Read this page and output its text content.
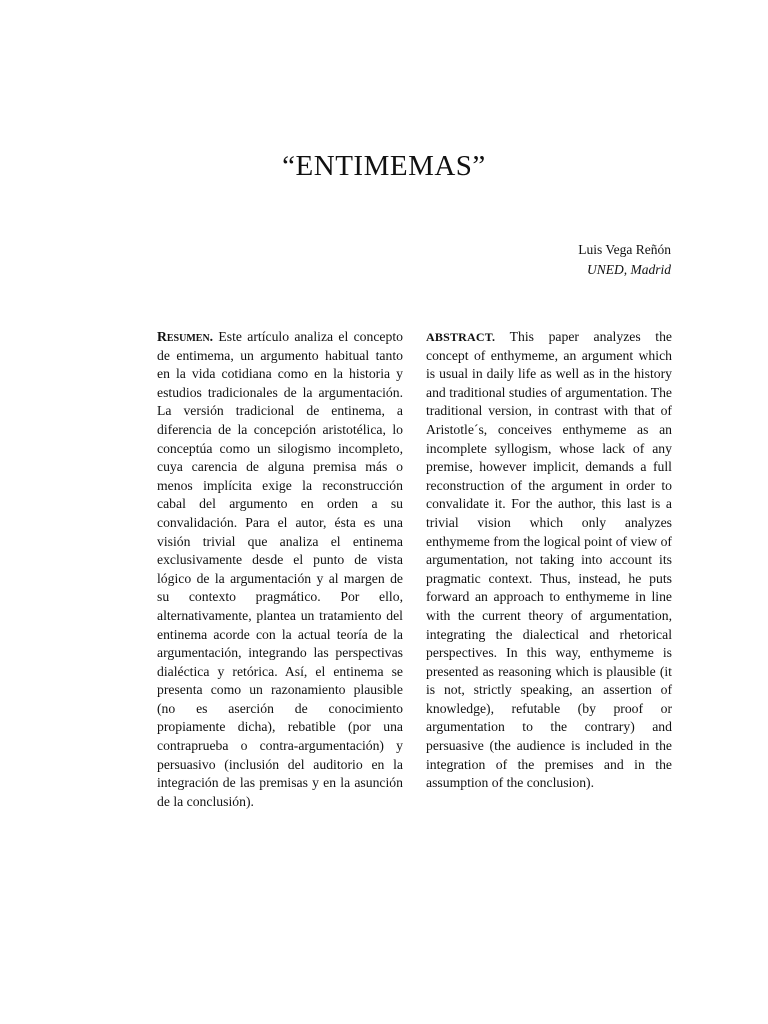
“ENTIMEMAS”
Luis Vega Reñón
UNED, Madrid
Resumen. Este artículo analiza el concepto de entimema, un argumento habitual tanto en la vida cotidiana como en la historia y estudios tradicionales de la argumentación. La versión tradicional de entinema, a diferencia de la concepción aristotélica, lo conceptúa como un silogismo incompleto, cuya carencia de alguna premisa más o menos implícita exige la reconstrucción cabal del argumento en orden a su convalidación. Para el autor, ésta es una visión trivial que analiza el entinema exclusivamente desde el punto de vista lógico de la argumentación y al margen de su contexto pragmático. Por ello, alternativamente, plantea un tratamiento del entinema acorde con la actual teoría de la argumentación, integrando las perspectivas dialéctica y retórica. Así, el entinema se presenta como un razonamiento plausible (no es aserción de conocimiento propiamente dicha), rebatible (por una contraprueba o contra-argumentación) y persuasivo (inclusión del auditorio en la integración de las premisas y en la asunción de la conclusión).
ABSTRACT. This paper analyzes the concept of enthymeme, an argument which is usual in daily life as well as in the history and traditional studies of argumentation. The traditional version, in contrast with that of Aristotle´s, conceives enthymeme as an incomplete syllogism, whose lack of any premise, however implicit, demands a full reconstruction of the argument in order to convalidate it. For the author, this last is a trivial vision which only analyzes enthymeme from the logical point of view of argumentation, not taking into account its pragmatic context. Thus, instead, he puts forward an approach to enthymeme in line with the current theory of argumentation, integrating the dialectical and rhetorical perspectives. In this way, enthymeme is presented as reasoning which is plausible (it is not, strictly speaking, an assertion of knowledge), refutable (by proof or argumentation to the contrary) and persuasive (the audience is included in the integration of the premises and in the assumption of the conclusion).
